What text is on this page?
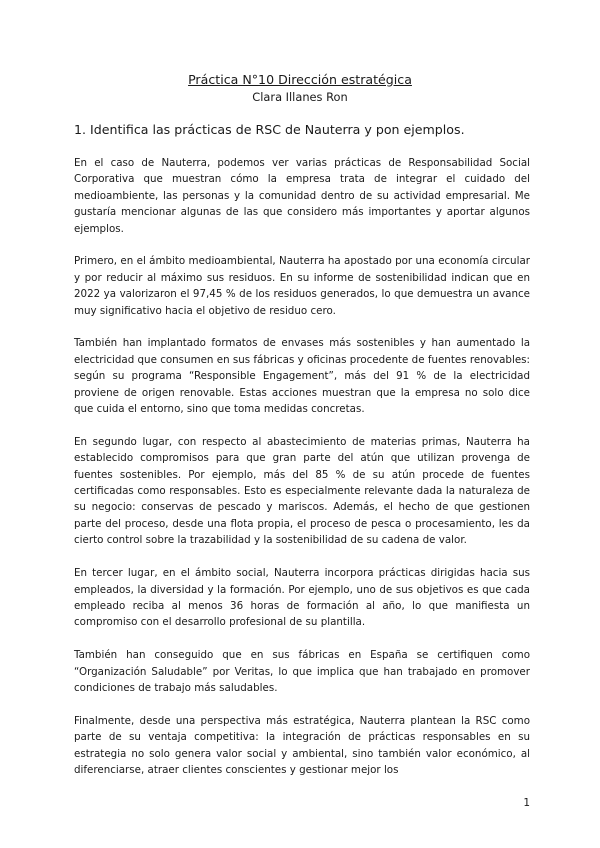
Práctica N°10 Dirección estratégica
Clara Illanes Ron
1. Identifica las prácticas de RSC de Nauterra y pon ejemplos.

En el caso de Nauterra, podemos ver varias prácticas de Responsabilidad Social Corporativa que muestran cómo la empresa trata de integrar el cuidado del medioambiente, las personas y la comunidad dentro de su actividad empresarial. Me gustaría mencionar algunas de las que considero más importantes y aportar algunos ejemplos.

Primero, en el ámbito medioambiental, Nauterra ha apostado por una economía circular y por reducir al máximo sus residuos. En su informe de sostenibilidad indican que en 2022 ya valorizaron el 97,45 % de los residuos generados, lo que demuestra un avance muy significativo hacia el objetivo de residuo cero.

También han implantado formatos de envases más sostenibles y han aumentado la electricidad que consumen en sus fábricas y oficinas procedente de fuentes renovables: según su programa “Responsible Engagement”, más del 91 % de la electricidad proviene de origen renovable. Estas acciones muestran que la empresa no solo dice que cuida el entorno, sino que toma medidas concretas.

En segundo lugar, con respecto al abastecimiento de materias primas, Nauterra ha establecido compromisos para que gran parte del atún que utilizan provenga de fuentes sostenibles. Por ejemplo, más del 85 % de su atún procede de fuentes certificadas como responsables. Esto es especialmente relevante dada la naturaleza de su negocio: conservas de pescado y mariscos. Además, el hecho de que gestionen parte del proceso, desde una flota propia, el proceso de pesca o procesamiento, les da cierto control sobre la trazabilidad y la sostenibilidad de su cadena de valor.

En tercer lugar, en el ámbito social, Nauterra incorpora prácticas dirigidas hacia sus empleados, la diversidad y la formación. Por ejemplo, uno de sus objetivos es que cada empleado reciba al menos 36 horas de formación al año, lo que manifiesta un compromiso con el desarrollo profesional de su plantilla.

También han conseguido que en sus fábricas en España se certifiquen como “Organización Saludable” por Veritas, lo que implica que han trabajado en promover condiciones de trabajo más saludables.

Finalmente, desde una perspectiva más estratégica, Nauterra plantean la RSC como parte de su ventaja competitiva: la integración de prácticas responsables en su estrategia no solo genera valor social y ambiental, sino también valor económico, al diferenciarse, atraer clientes conscientes y gestionar mejor los

1
